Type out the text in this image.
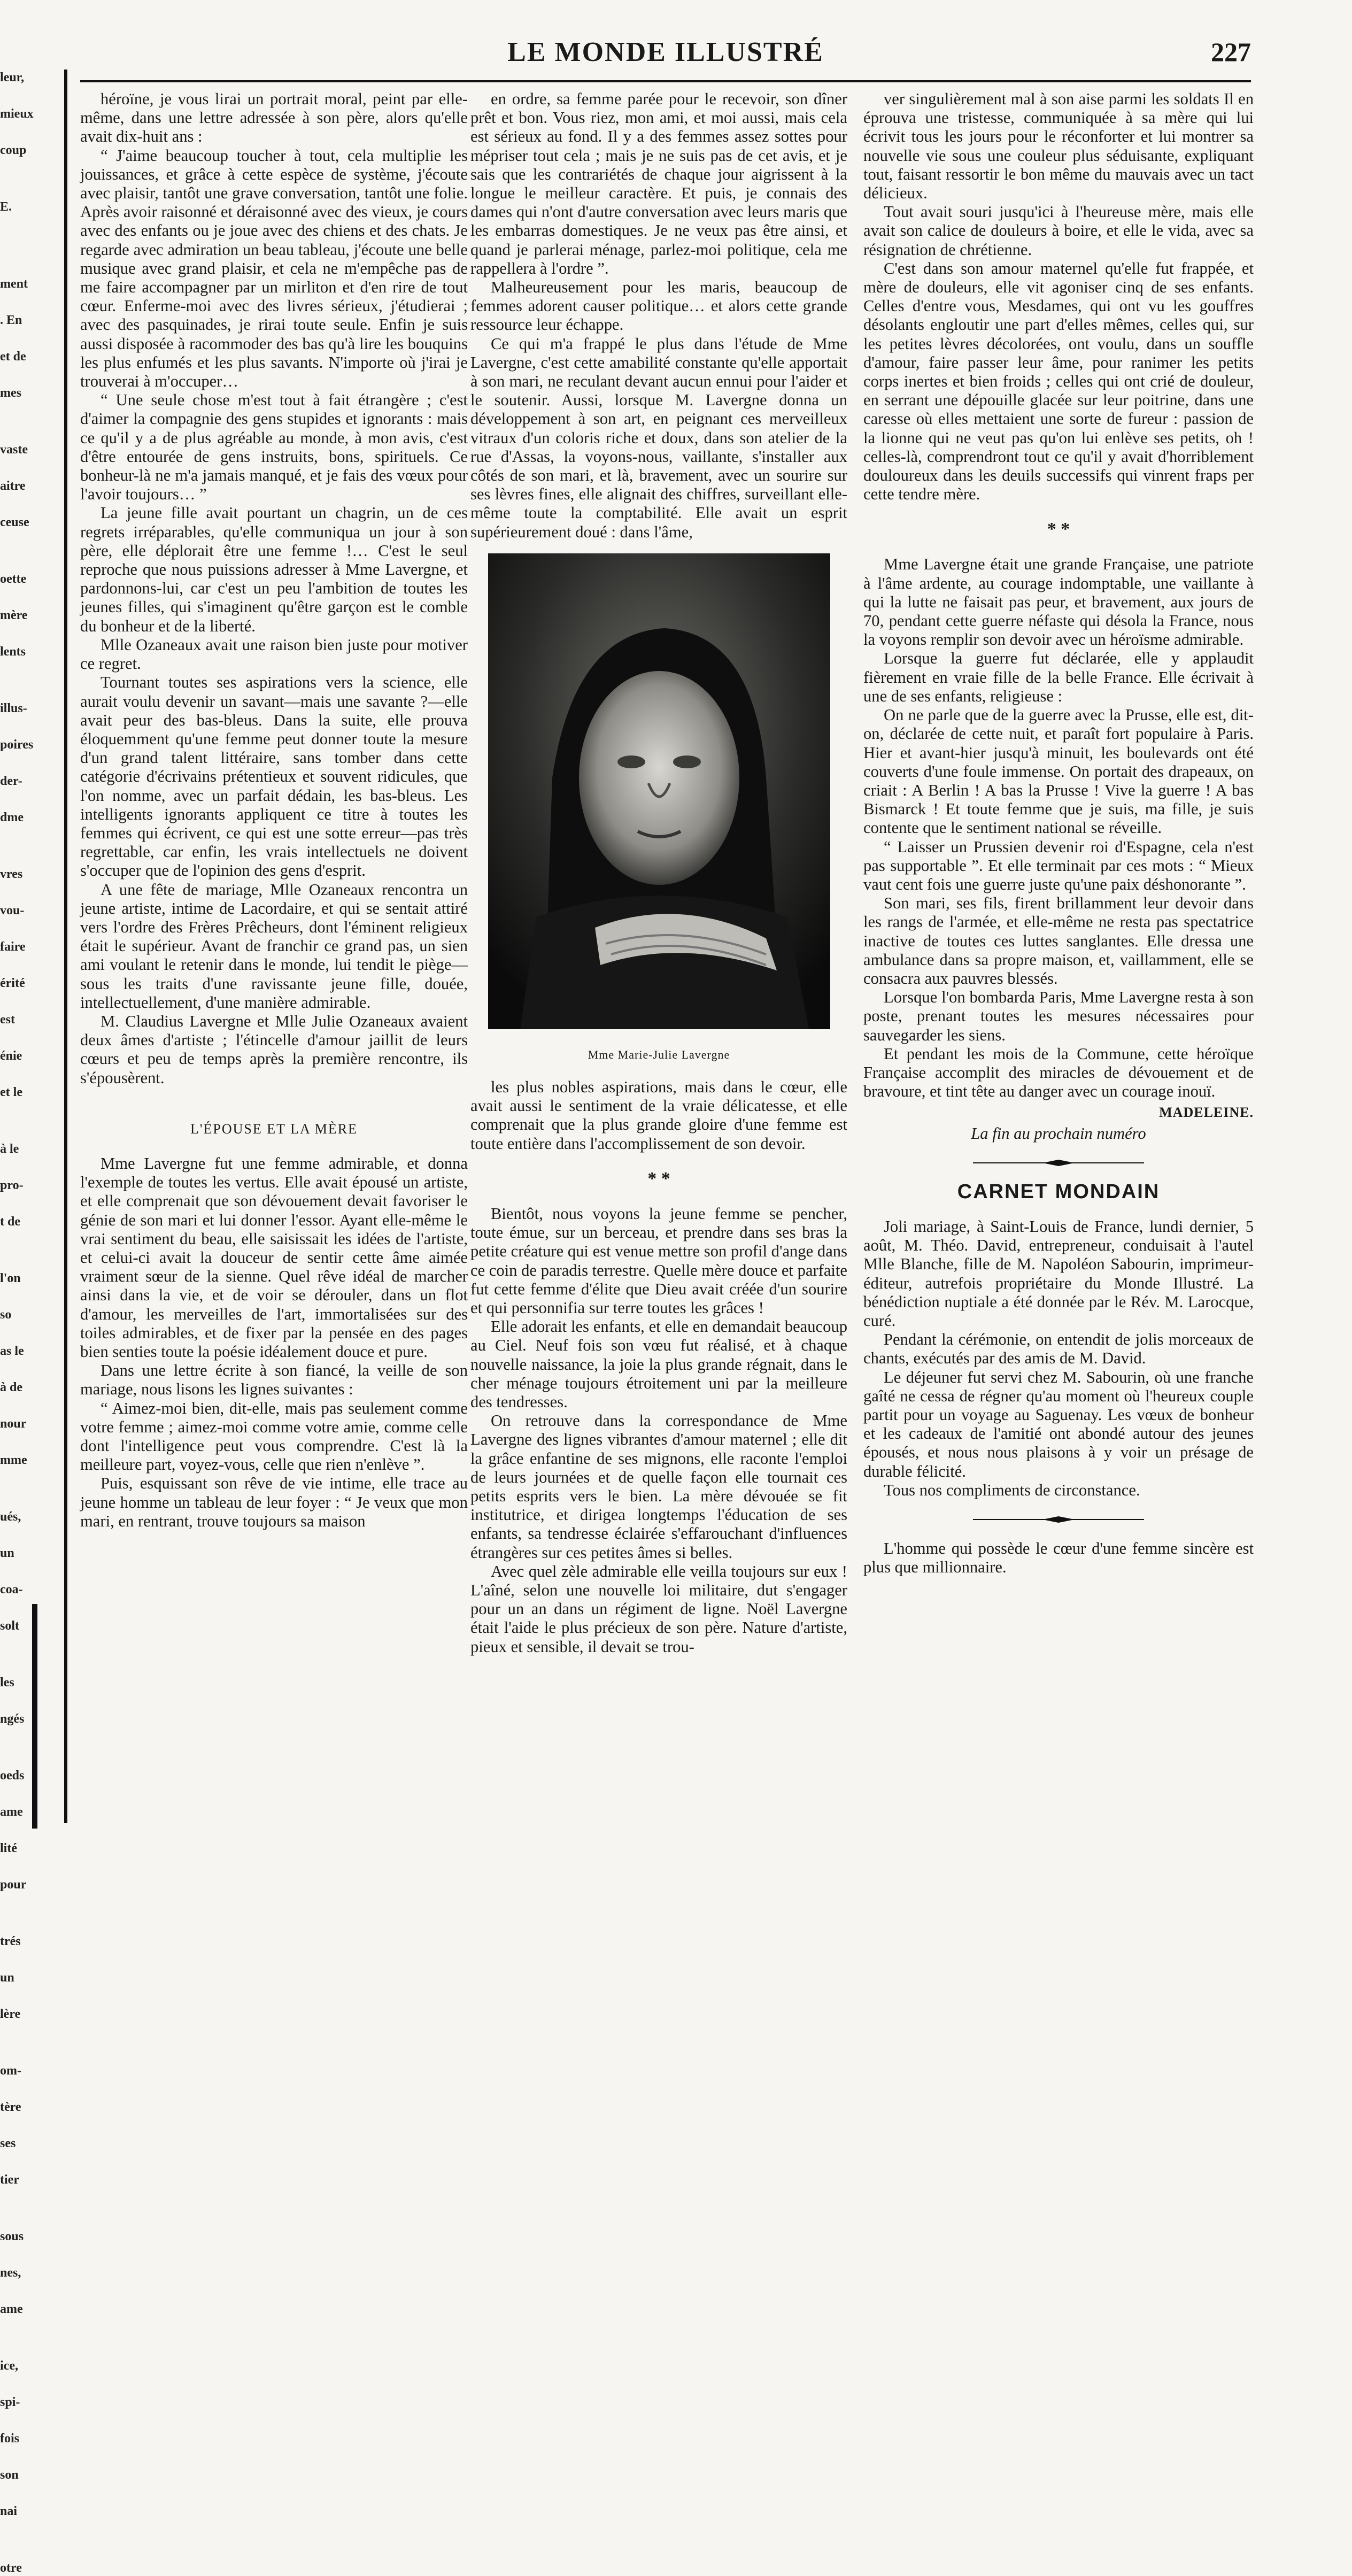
leur,
mieux
coup
E.
ment
. En
et de
mes
vaste
aitre
ceuse
oette
mère
lents
illus-
poires
der-
dme
vres
vou-
faire
érité
est
énie
et le
à le
pro-
t de
l'on
so
as le
à de
nour
mme
ués,
un
coa-
solt
les
ngés
oeds
ame
lité
pour
trés
un
lère
om-
tère
ses
tier
sous
nes,
ame
ice,
spi-
fois
son
nai
otre
LE MONDE ILLUSTRÉ	227

héroïne, je vous lirai un portrait moral, peint par elle-même, dans une lettre adressée à son père, alors qu'elle avait dix-huit ans :

“ J'aime beaucoup toucher à tout, cela multiplie les jouissances, et grâce à cette espèce de système, j'écoute avec plaisir, tantôt une grave conversation, tantôt une folie. Après avoir raisonné et déraisonné avec des vieux, je cours avec des enfants ou je joue avec des chiens et des chats. Je regarde avec admiration un beau tableau, j'écoute une belle musique avec grand plaisir, et cela ne m'empêche pas de me faire accompagner par un mirliton et d'en rire de tout cœur. Enferme-moi avec des livres sérieux, j'étudierai ; avec des pasquinades, je rirai toute seule. Enfin je suis aussi disposée à racommoder des bas qu'à lire les bouquins les plus enfumés et les plus savants. N'importe où j'irai je trouverai à m'occuper…

“ Une seule chose m'est tout à fait étrangère ; c'est d'aimer la compagnie des gens stupides et ignorants : mais ce qu'il y a de plus agréable au monde, à mon avis, c'est d'être entourée de gens instruits, bons, spirituels. Ce bonheur-là ne m'a jamais manqué, et je fais des vœux pour l'avoir toujours… ”

La jeune fille avait pourtant un chagrin, un de ces regrets irréparables, qu'elle communiqua un jour à son père, elle déplorait être une femme !… C'est le seul reproche que nous puissions adresser à Mme Lavergne, et pardonnons-lui, car c'est un peu l'ambition de toutes les jeunes filles, qui s'imaginent qu'être garçon est le comble du bonheur et de la liberté.

Mlle Ozaneaux avait une raison bien juste pour motiver ce regret.

Tournant toutes ses aspirations vers la science, elle aurait voulu devenir un savant—mais une savante ?—elle avait peur des bas-bleus. Dans la suite, elle prouva éloquemment qu'une femme peut donner toute la mesure d'un grand talent littéraire, sans tomber dans cette catégorie d'écrivains prétentieux et souvent ridicules, que l'on nomme, avec un parfait dédain, les bas-bleus. Les intelligents ignorants appliquent ce titre à toutes les femmes qui écrivent, ce qui est une sotte erreur—pas très regrettable, car enfin, les vrais intellectuels ne doivent s'occuper que de l'opinion des gens d'esprit.

A une fête de mariage, Mlle Ozaneaux rencontra un jeune artiste, intime de Lacordaire, et qui se sentait attiré vers l'ordre des Frères Prêcheurs, dont l'éminent religieux était le supérieur. Avant de franchir ce grand pas, un sien ami voulant le retenir dans le monde, lui tendit le piège—sous les traits d'une ravissante jeune fille, douée, intellectuellement, d'une manière admirable.

M. Claudius Lavergne et Mlle Julie Ozaneaux avaient deux âmes d'artiste ; l'étincelle d'amour jaillit de leurs cœurs et peu de temps après la première rencontre, ils s'épousèrent.

L'ÉPOUSE ET LA MÈRE

Mme Lavergne fut une femme admirable, et donna l'exemple de toutes les vertus. Elle avait épousé un artiste, et elle comprenait que son dévouement devait favoriser le génie de son mari et lui donner l'essor. Ayant elle-même le vrai sentiment du beau, elle saisissait les idées de l'artiste, et celui-ci avait la douceur de sentir cette âme aimée vraiment sœur de la sienne. Quel rêve idéal de marcher ainsi dans la vie, et de voir se dérouler, dans un flot d'amour, les merveilles de l'art, immortalisées sur des toiles admirables, et de fixer par la pensée en des pages bien senties toute la poésie idéalement douce et pure.

Dans une lettre écrite à son fiancé, la veille de son mariage, nous lisons les lignes suivantes :

“ Aimez-moi bien, dit-elle, mais pas seulement comme votre femme ; aimez-moi comme votre amie, comme celle dont l'intelligence peut vous comprendre. C'est là la meilleure part, voyez-vous, celle que rien n'enlève ”.

Puis, esquissant son rêve de vie intime, elle trace au jeune homme un tableau de leur foyer : “ Je veux que mon mari, en rentrant, trouve toujours sa maison

en ordre, sa femme parée pour le recevoir, son dîner prêt et bon. Vous riez, mon ami, et moi aussi, mais cela est sérieux au fond. Il y a des femmes assez sottes pour mépriser tout cela ; mais je ne suis pas de cet avis, et je sais que les contrariétés de chaque jour aigrissent à la longue le meilleur caractère. Et puis, je connais des dames qui n'ont d'autre conversation avec leurs maris que les embarras domestiques. Je ne veux pas être ainsi, et quand je parlerai ménage, parlez-moi politique, cela me rappellera à l'ordre ”.

Malheureusement pour les maris, beaucoup de femmes adorent causer politique… et alors cette grande ressource leur échappe.

Ce qui m'a frappé le plus dans l'étude de Mme Lavergne, c'est cette amabilité constante qu'elle apportait à son mari, ne reculant devant aucun ennui pour l'aider et le soutenir. Aussi, lorsque M. Lavergne donna un développement à son art, en peignant ces merveilleux vitraux d'un coloris riche et doux, dans son atelier de la rue d'Assas, la voyons-nous, vaillante, s'installer aux côtés de son mari, et là, bravement, avec un sourire sur ses lèvres fines, elle alignait des chiffres, surveillant elle-même toute la comptabilité. Elle avait un esprit supérieurement doué : dans l'âme,

Mme Marie-Julie Lavergne

les plus nobles aspirations, mais dans le cœur, elle avait aussi le sentiment de la vraie délicatesse, et elle comprenait que la plus grande gloire d'une femme est toute entière dans l'accomplissement de son devoir.

* *

Bientôt, nous voyons la jeune femme se pencher, toute émue, sur un berceau, et prendre dans ses bras la petite créature qui est venue mettre son profil d'ange dans ce coin de paradis terrestre. Quelle mère douce et parfaite fut cette femme d'élite que Dieu avait créée d'un sourire et qui personnifia sur terre toutes les grâces !

Elle adorait les enfants, et elle en demandait beaucoup au Ciel. Neuf fois son vœu fut réalisé, et à chaque nouvelle naissance, la joie la plus grande régnait, dans le cher ménage toujours étroitement uni par la meilleure des tendresses.

On retrouve dans la correspondance de Mme Lavergne des lignes vibrantes d'amour maternel ; elle dit la grâce enfantine de ses mignons, elle raconte l'emploi de leurs journées et de quelle façon elle tournait ces petits esprits vers le bien. La mère dévouée se fit institutrice, et dirigea longtemps l'éducation de ses enfants, sa tendresse éclairée s'effarouchant d'influences étrangères sur ces petites âmes si belles.

Avec quel zèle admirable elle veilla toujours sur eux ! L'aîné, selon une nouvelle loi militaire, dut s'engager pour un an dans un régiment de ligne. Noël Lavergne était l'aide le plus précieux de son père. Nature d'artiste, pieux et sensible, il devait se trou-

ver singulièrement mal à son aise parmi les soldats Il en éprouva une tristesse, communiquée à sa mère qui lui écrivit tous les jours pour le réconforter et lui montrer sa nouvelle vie sous une couleur plus séduisante, expliquant tout, faisant ressortir le bon même du mauvais avec un tact délicieux.

Tout avait souri jusqu'ici à l'heureuse mère, mais elle avait son calice de douleurs à boire, et elle le vida, avec sa résignation de chrétienne.

C'est dans son amour maternel qu'elle fut frappée, et mère de douleurs, elle vit agoniser cinq de ses enfants. Celles d'entre vous, Mesdames, qui ont vu les gouffres désolants engloutir une part d'elles mêmes, celles qui, sur les petites lèvres décolorées, ont voulu, dans un souffle d'amour, faire passer leur âme, pour ranimer les petits corps inertes et bien froids ; celles qui ont crié de douleur, en serrant une dépouille glacée sur leur poitrine, dans une caresse où elles mettaient une sorte de fureur : passion de la lionne qui ne veut pas qu'on lui enlève ses petits, oh ! celles-là, comprendront tout ce qu'il y avait d'horriblement douloureux dans les deuils successifs qui vinrent fraps per cette tendre mère.

* *

Mme Lavergne était une grande Française, une patriote à l'âme ardente, au courage indomptable, une vaillante à qui la lutte ne faisait pas peur, et bravement, aux jours de 70, pendant cette guerre néfaste qui désola la France, nous la voyons remplir son devoir avec un héroïsme admirable.

Lorsque la guerre fut déclarée, elle y applaudit fièrement en vraie fille de la belle France. Elle écrivait à une de ses enfants, religieuse :

On ne parle que de la guerre avec la Prusse, elle est, dit-on, déclarée de cette nuit, et paraît fort populaire à Paris. Hier et avant-hier jusqu'à minuit, les boulevards ont été couverts d'une foule immense. On portait des drapeaux, on criait : A Berlin ! A bas la Prusse ! Vive la guerre ! A bas Bismarck ! Et toute femme que je suis, ma fille, je suis contente que le sentiment national se réveille.

“ Laisser un Prussien devenir roi d'Espagne, cela n'est pas supportable ”. Et elle terminait par ces mots : “ Mieux vaut cent fois une guerre juste qu'une paix déshonorante ”.

Son mari, ses fils, firent brillamment leur devoir dans les rangs de l'armée, et elle-même ne resta pas spectatrice inactive de toutes ces luttes sanglantes. Elle dressa une ambulance dans sa propre maison, et, vaillamment, elle se consacra aux pauvres blessés.

Lorsque l'on bombarda Paris, Mme Lavergne resta à son poste, prenant toutes les mesures nécessaires pour sauvegarder les siens.

Et pendant les mois de la Commune, cette héroïque Française accomplit des miracles de dévouement et de bravoure, et tint tête au danger avec un courage inouï.

MADELEINE.
La fin au prochain numéro
CARNET MONDAIN

Joli mariage, à Saint-Louis de France, lundi dernier, 5 août, M. Théo. David, entrepreneur, conduisait à l'autel Mlle Blanche, fille de M. Napoléon Sabourin, imprimeur-éditeur, autrefois propriétaire du Monde Illustré. La bénédiction nuptiale a été donnée par le Rév. M. Larocque, curé.

Pendant la cérémonie, on entendit de jolis morceaux de chants, exécutés par des amis de M. David.

Le déjeuner fut servi chez M. Sabourin, où une franche gaîté ne cessa de régner qu'au moment où l'heureux couple partit pour un voyage au Saguenay. Les vœux de bonheur et les cadeaux de l'amitié ont abondé autour des jeunes épousés, et nous nous plaisons à y voir un présage de durable félicité.

Tous nos compliments de circonstance.

L'homme qui possède le cœur d'une femme sincère est plus que millionnaire.
